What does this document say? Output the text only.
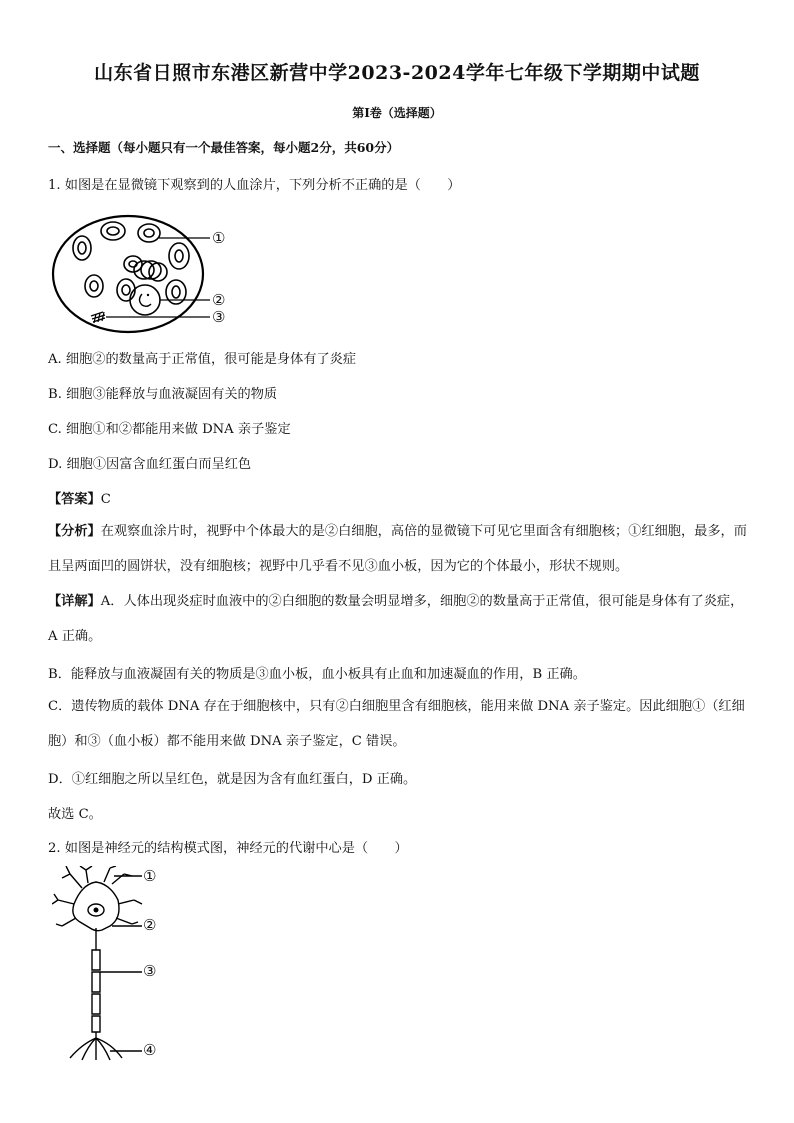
山东省日照市东港区新营中学2023-2024学年七年级下学期期中试题
第Ⅰ卷（选择题）
一、选择题（每小题只有一个最佳答案，每小题2分，共60分）
1. 如图是在显微镜下观察到的人血涂片，下列分析不正确的是（　　）
①
②
③
A. 细胞②的数量高于正常值，很可能是身体有了炎症
B. 细胞③能释放与血液凝固有关的物质
C. 细胞①和②都能用来做 DNA 亲子鉴定
D. 细胞①因富含血红蛋白而呈红色
【答案】C
【分析】在观察血涂片时，视野中个体最大的是②白细胞，高倍的显微镜下可见它里面含有细胞核；①红细胞，最多，而且呈两面凹的圆饼状，没有细胞核；视野中几乎看不见③血小板，因为它的个体最小，形状不规则。
【详解】A．人体出现炎症时血液中的②白细胞的数量会明显增多，细胞②的数量高于正常值，很可能是身体有了炎症，A 正确。
B．能释放与血液凝固有关的物质是③血小板，血小板具有止血和加速凝血的作用，B 正确。
C．遗传物质的载体 DNA 存在于细胞核中，只有②白细胞里含有细胞核，能用来做 DNA 亲子鉴定。因此细胞①（红细胞）和③（血小板）都不能用来做 DNA 亲子鉴定，C 错误。
D．①红细胞之所以呈红色，就是因为含有血红蛋白，D 正确。
故选 C。
2. 如图是神经元的结构模式图，神经元的代谢中心是（　　）
①
②
③
④
